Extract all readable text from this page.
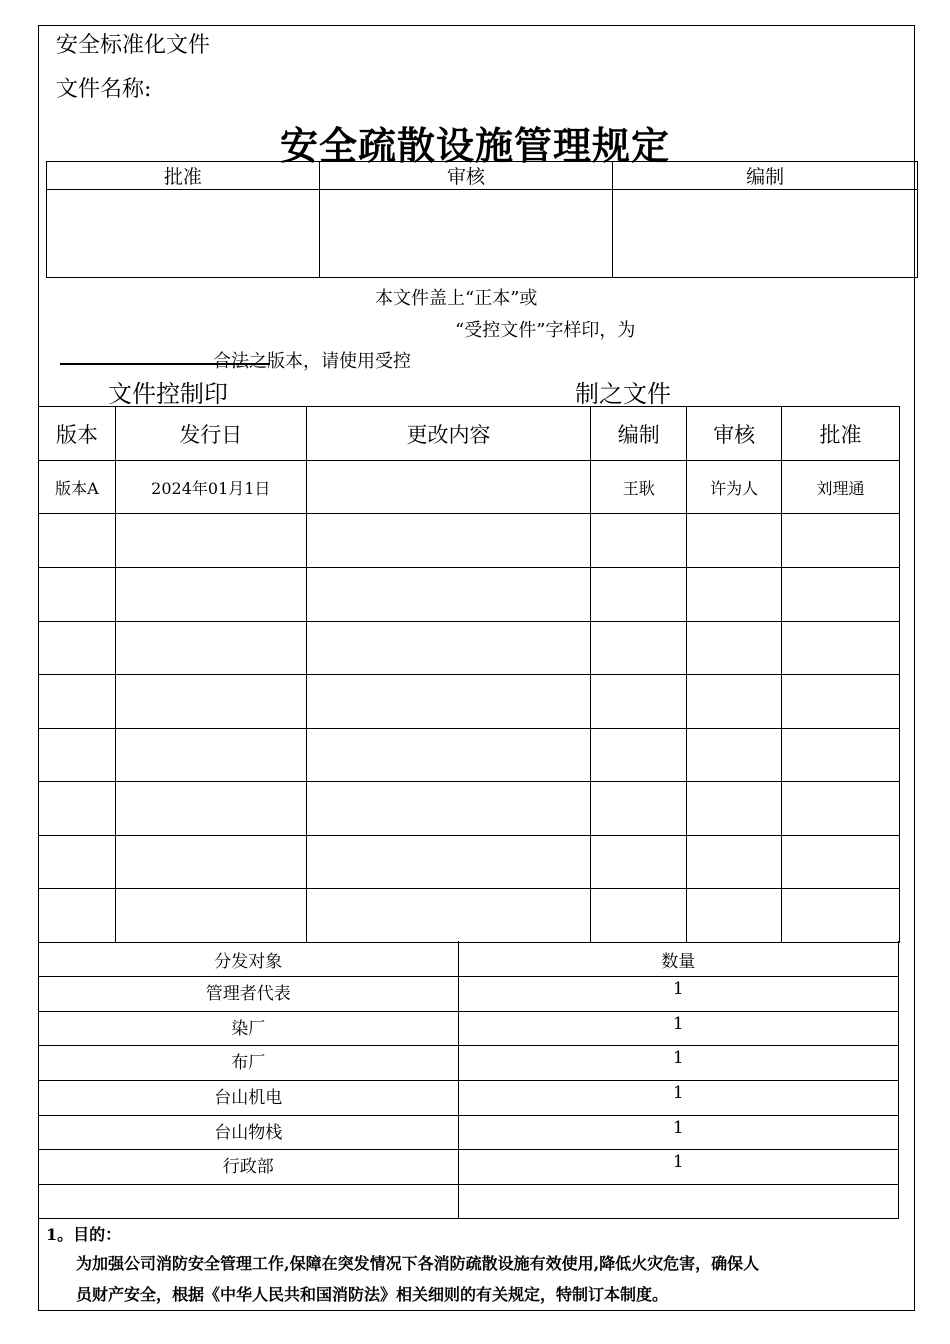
安全标准化文件
文件名称:
安全疏散设施管理规定
批准	审核	编制

本文件盖上“正本”或
“受控文件”字样印，为
合法之版本，请使用受控
文件控制印	制之文件
版本	发行日	更改内容	编制	审核	批准
版本A	2024年01月1日		王耿	许为人	刘理通

分发对象	数量
管理者代表	1
染厂	1
布厂	1
台山机电	1
台山物栈	1
行政部	1

1。目的：
为加强公司消防安全管理工作,保障在突发情况下各消防疏散设施有效使用,降低火灾危害，确保人
员财产安全，根据《中华人民共和国消防法》相关细则的有关规定，特制订本制度。
